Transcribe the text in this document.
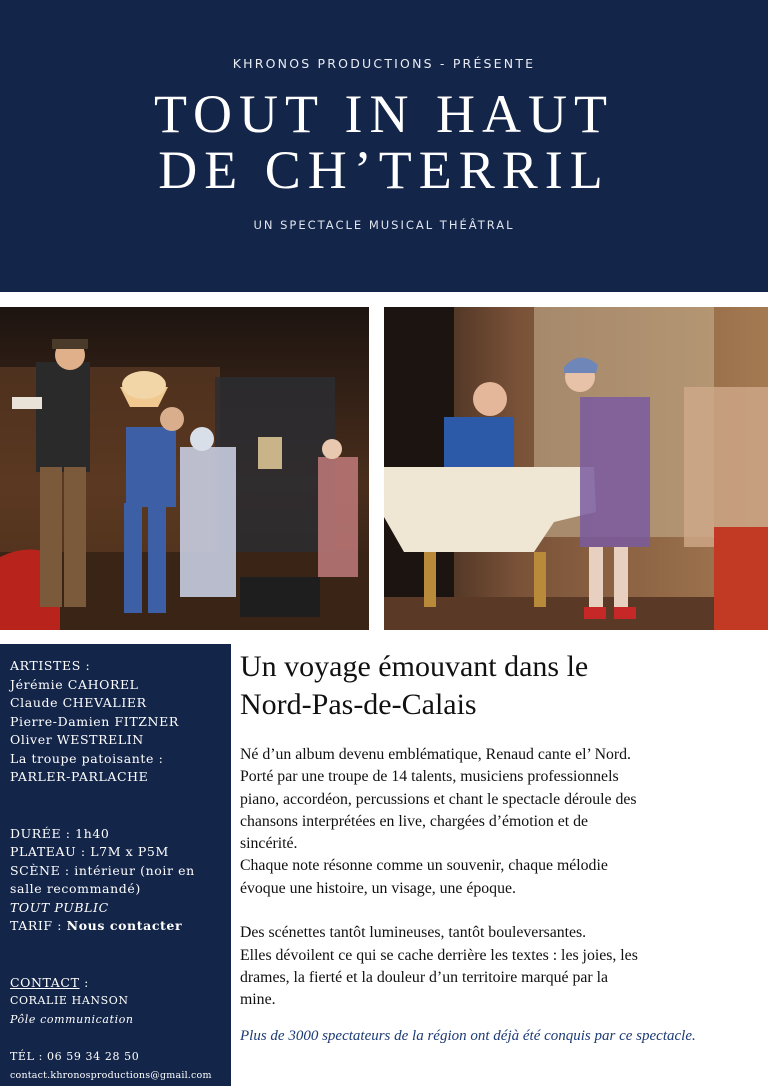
KHRONOS PRODUCTIONS - PRÉSENTE
TOUT IN HAUT
DE CH’TERRIL
UN SPECTACLE MUSICAL THÉÂTRAL
ARTISTES :
Jérémie CAHOREL
Claude CHEVALIER
Pierre-Damien FITZNER
Oliver WESTRELIN
La troupe patoisante :
PARLER-PARLACHE
DURÉE : 1h40
PLATEAU : L7M x P5M
SCÈNE : intérieur (noir en
salle recommandé)
TOUT PUBLIC
TARIF : Nous contacter
CONTACT :
CORALIE HANSON
Pôle communication
TÉL : 06 59 34 28 50
contact.khronosproductions@gmail.com
Un voyage émouvant dans le
Nord-Pas-de-Calais

Né d’un album devenu emblématique, Renaud cante el’ Nord.
Porté par une troupe de 14 talents, musiciens professionnels
piano, accordéon, percussions et chant le spectacle déroule des
chansons interprétées en live, chargées d’émotion et de
sincérité.
Chaque note résonne comme un souvenir, chaque mélodie
évoque une histoire, un visage, une époque.
Des scénettes tantôt lumineuses, tantôt bouleversantes.
Elles dévoilent ce qui se cache derrière les textes : les joies, les
drames, la fierté et la douleur d’un territoire marqué par la
mine.

Plus de 3000 spectateurs de la région ont déjà été conquis par ce spectacle.
